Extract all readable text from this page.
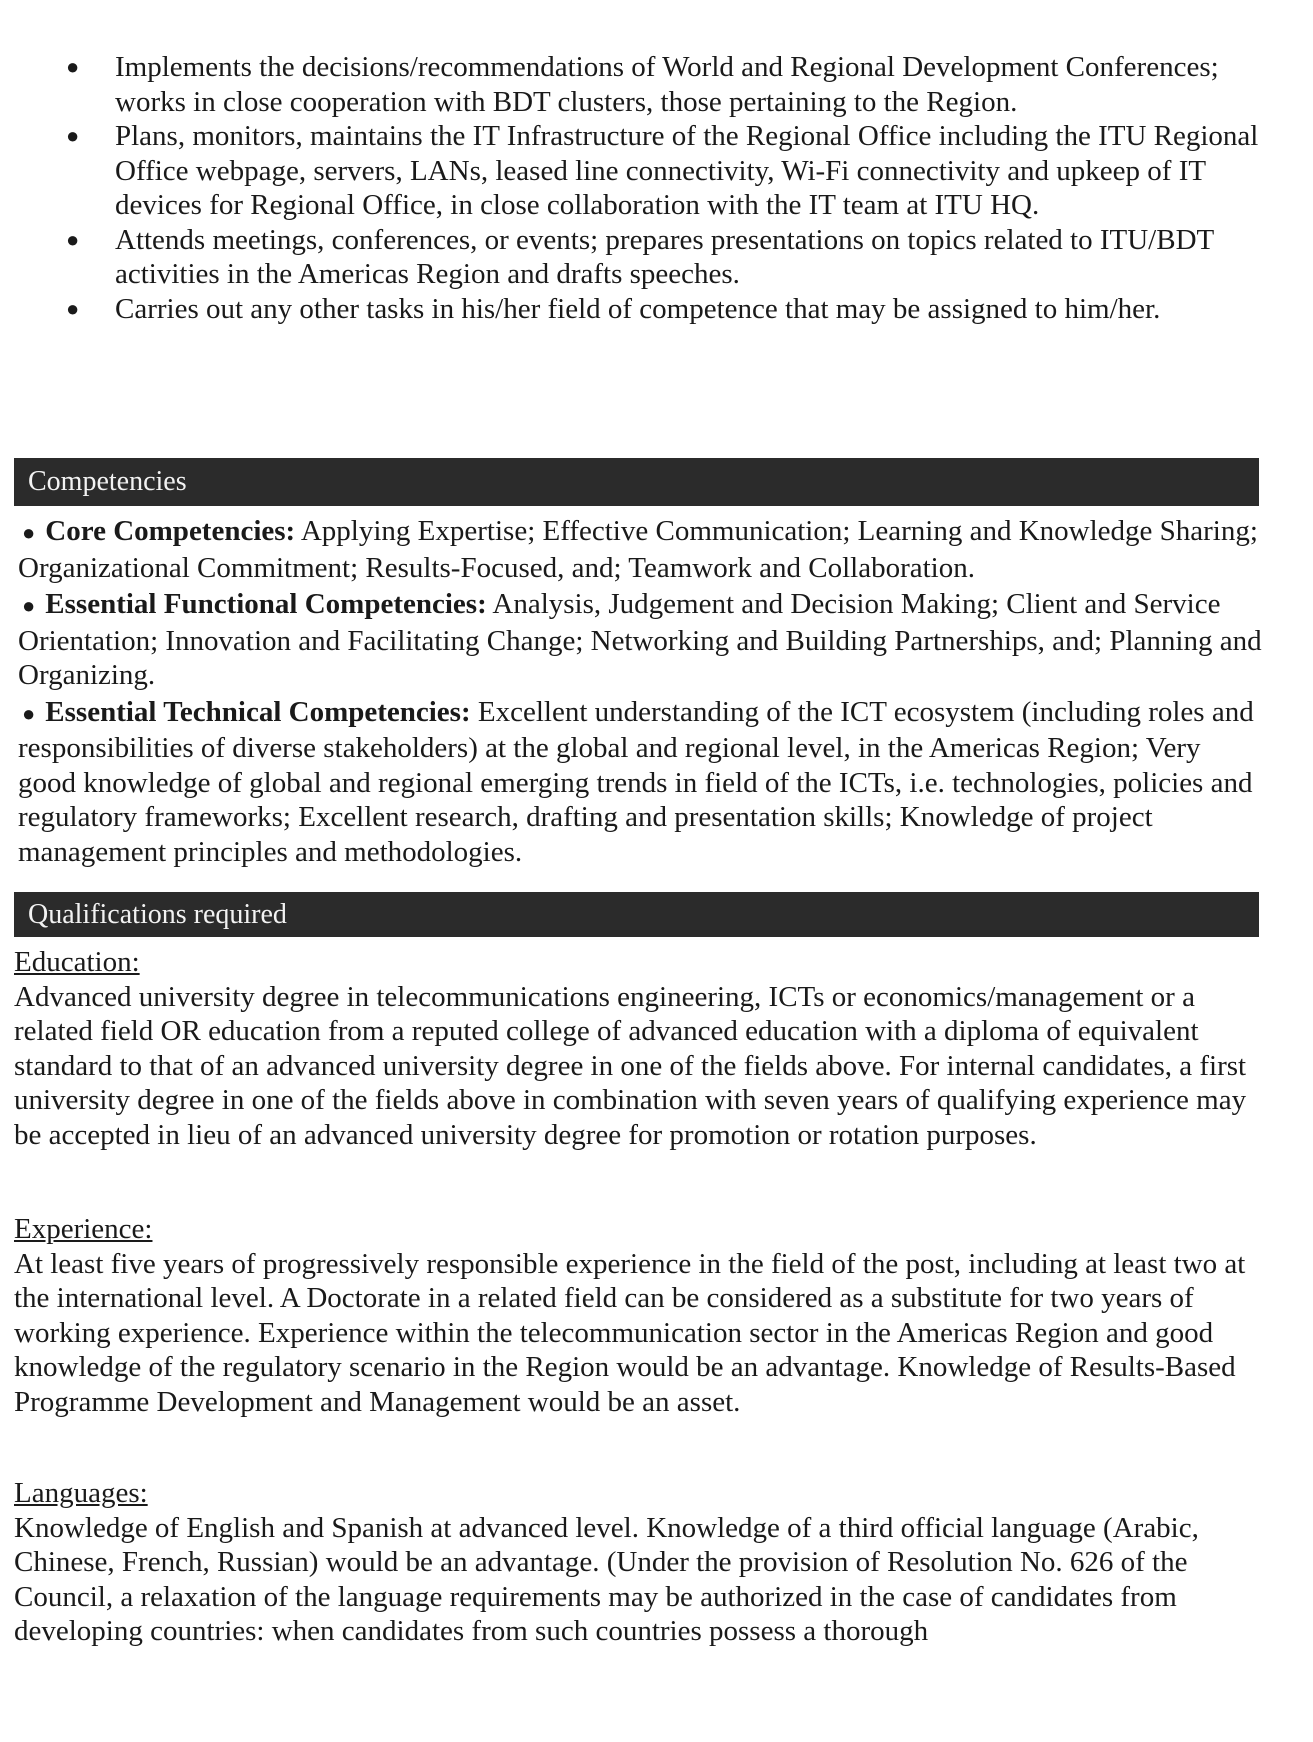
● Implements the decisions/recommendations of World and Regional Development Conferences; works in close cooperation with BDT clusters, those pertaining to the Region.
● Plans, monitors, maintains the IT Infrastructure of the Regional Office including the ITU Regional Office webpage, servers, LANs, leased line connectivity, Wi-Fi connectivity and upkeep of IT devices for Regional Office, in close collaboration with the IT team at ITU HQ.
● Attends meetings, conferences, or events; prepares presentations on topics related to ITU/BDT activities in the Americas Region and drafts speeches.
● Carries out any other tasks in his/her field of competence that may be assigned to him/her.
Competencies

● Core Competencies: Applying Expertise; Effective Communication; Learning and Knowledge Sharing; Organizational Commitment; Results-Focused, and; Teamwork and Collaboration.

● Essential Functional Competencies: Analysis, Judgement and Decision Making; Client and Service Orientation; Innovation and Facilitating Change; Networking and Building Partnerships, and; Planning and Organizing.

● Essential Technical Competencies: Excellent understanding of the ICT ecosystem (including roles and responsibilities of diverse stakeholders) at the global and regional level, in the Americas Region; Very good knowledge of global and regional emerging trends in field of the ICTs, i.e. technologies, policies and regulatory frameworks; Excellent research, drafting and presentation skills; Knowledge of project management principles and methodologies.

Qualifications required
Education:
Advanced university degree in telecommunications engineering, ICTs or economics/management or a related field OR education from a reputed college of advanced education with a diploma of equivalent standard to that of an advanced university degree in one of the fields above. For internal candidates, a first university degree in one of the fields above in combination with seven years of qualifying experience may be accepted in lieu of an advanced university degree for promotion or rotation purposes.
Experience:
At least five years of progressively responsible experience in the field of the post, including at least two at the international level. A Doctorate in a related field can be considered as a substitute for two years of working experience. Experience within the telecommunication sector in the Americas Region and good knowledge of the regulatory scenario in the Region would be an advantage. Knowledge of Results-Based Programme Development and Management would be an asset.
Languages:
Knowledge of English and Spanish at advanced level. Knowledge of a third official language (Arabic, Chinese, French, Russian) would be an advantage. (Under the provision of Resolution No. 626 of the Council, a relaxation of the language requirements may be authorized in the case of candidates from developing countries: when candidates from such countries possess a thorough
